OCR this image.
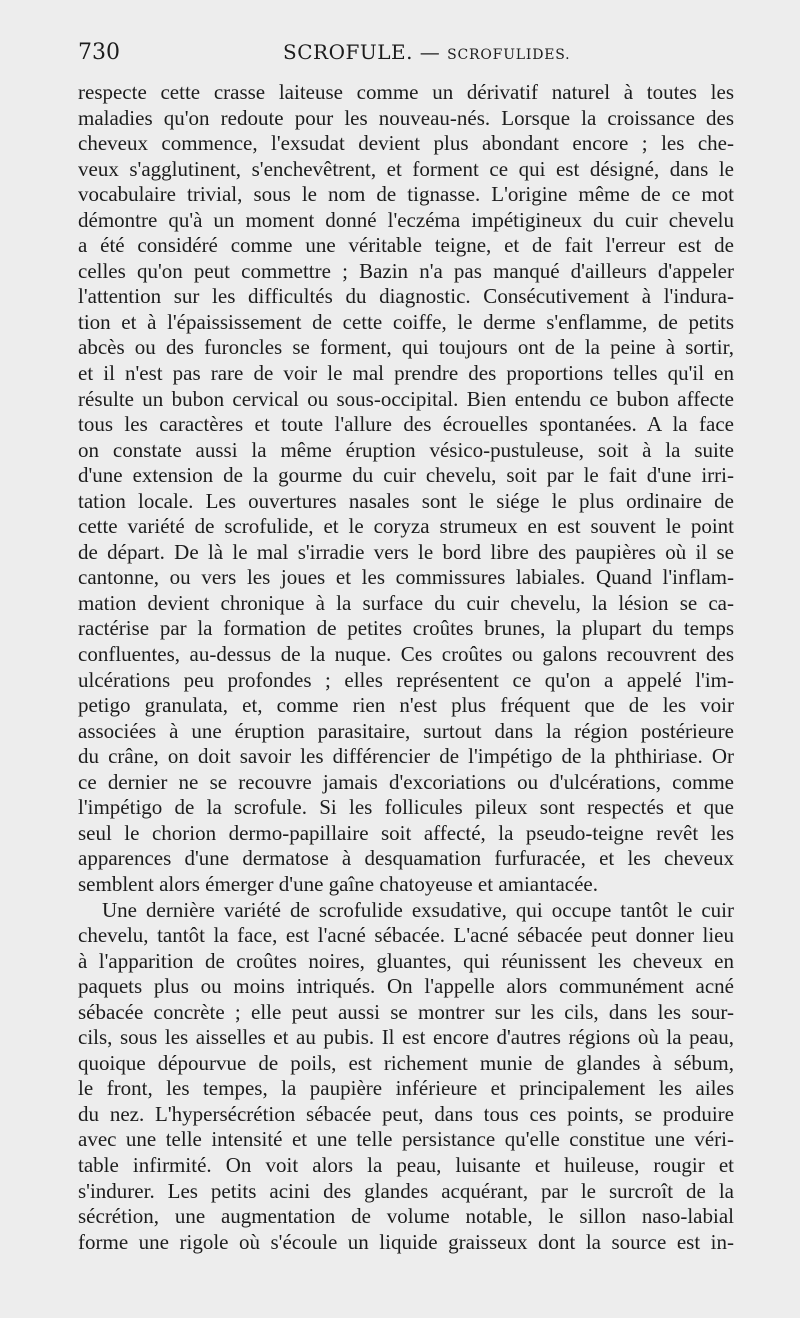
730	SCROFULE. — SCROFULIDES.
respecte cette crasse laiteuse comme un dérivatif naturel à toutes les
maladies qu'on redoute pour les nouveau-nés. Lorsque la croissance des
cheveux commence, l'exsudat devient plus abondant encore ; les che-
veux s'agglutinent, s'enchevêtrent, et forment ce qui est désigné, dans le
vocabulaire trivial, sous le nom de tignasse. L'origine même de ce mot
démontre qu'à un moment donné l'eczéma impétigineux du cuir chevelu
a été considéré comme une véritable teigne, et de fait l'erreur est de
celles qu'on peut commettre ; Bazin n'a pas manqué d'ailleurs d'appeler
l'attention sur les difficultés du diagnostic. Consécutivement à l'indura-
tion et à l'épaississement de cette coiffe, le derme s'enflamme, de petits
abcès ou des furoncles se forment, qui toujours ont de la peine à sortir,
et il n'est pas rare de voir le mal prendre des proportions telles qu'il en
résulte un bubon cervical ou sous-occipital. Bien entendu ce bubon affecte
tous les caractères et toute l'allure des écrouelles spontanées. A la face
on constate aussi la même éruption vésico-pustuleuse, soit à la suite
d'une extension de la gourme du cuir chevelu, soit par le fait d'une irri-
tation locale. Les ouvertures nasales sont le siége le plus ordinaire de
cette variété de scrofulide, et le coryza strumeux en est souvent le point
de départ. De là le mal s'irradie vers le bord libre des paupières où il se
cantonne, ou vers les joues et les commissures labiales. Quand l'inflam-
mation devient chronique à la surface du cuir chevelu, la lésion se ca-
ractérise par la formation de petites croûtes brunes, la plupart du temps
confluentes, au-dessus de la nuque. Ces croûtes ou galons recouvrent des
ulcérations peu profondes ; elles représentent ce qu'on a appelé l'im-
petigo granulata, et, comme rien n'est plus fréquent que de les voir
associées à une éruption parasitaire, surtout dans la région postérieure
du crâne, on doit savoir les différencier de l'impétigo de la phthiriase. Or
ce dernier ne se recouvre jamais d'excoriations ou d'ulcérations, comme
l'impétigo de la scrofule. Si les follicules pileux sont respectés et que
seul le chorion dermo-papillaire soit affecté, la pseudo-teigne revêt les
apparences d'une dermatose à desquamation furfuracée, et les cheveux
semblent alors émerger d'une gaîne chatoyeuse et amiantacée.
Une dernière variété de scrofulide exsudative, qui occupe tantôt le cuir
chevelu, tantôt la face, est l'acné sébacée. L'acné sébacée peut donner lieu
à l'apparition de croûtes noires, gluantes, qui réunissent les cheveux en
paquets plus ou moins intriqués. On l'appelle alors communément acné
sébacée concrète ; elle peut aussi se montrer sur les cils, dans les sour-
cils, sous les aisselles et au pubis. Il est encore d'autres régions où la peau,
quoique dépourvue de poils, est richement munie de glandes à sébum,
le front, les tempes, la paupière inférieure et principalement les ailes
du nez. L'hypersécrétion sébacée peut, dans tous ces points, se produire
avec une telle intensité et une telle persistance qu'elle constitue une véri-
table infirmité. On voit alors la peau, luisante et huileuse, rougir et
s'indurer. Les petits acini des glandes acquérant, par le surcroît de la
sécrétion, une augmentation de volume notable, le sillon naso-labial
forme une rigole où s'écoule un liquide graisseux dont la source est in-
